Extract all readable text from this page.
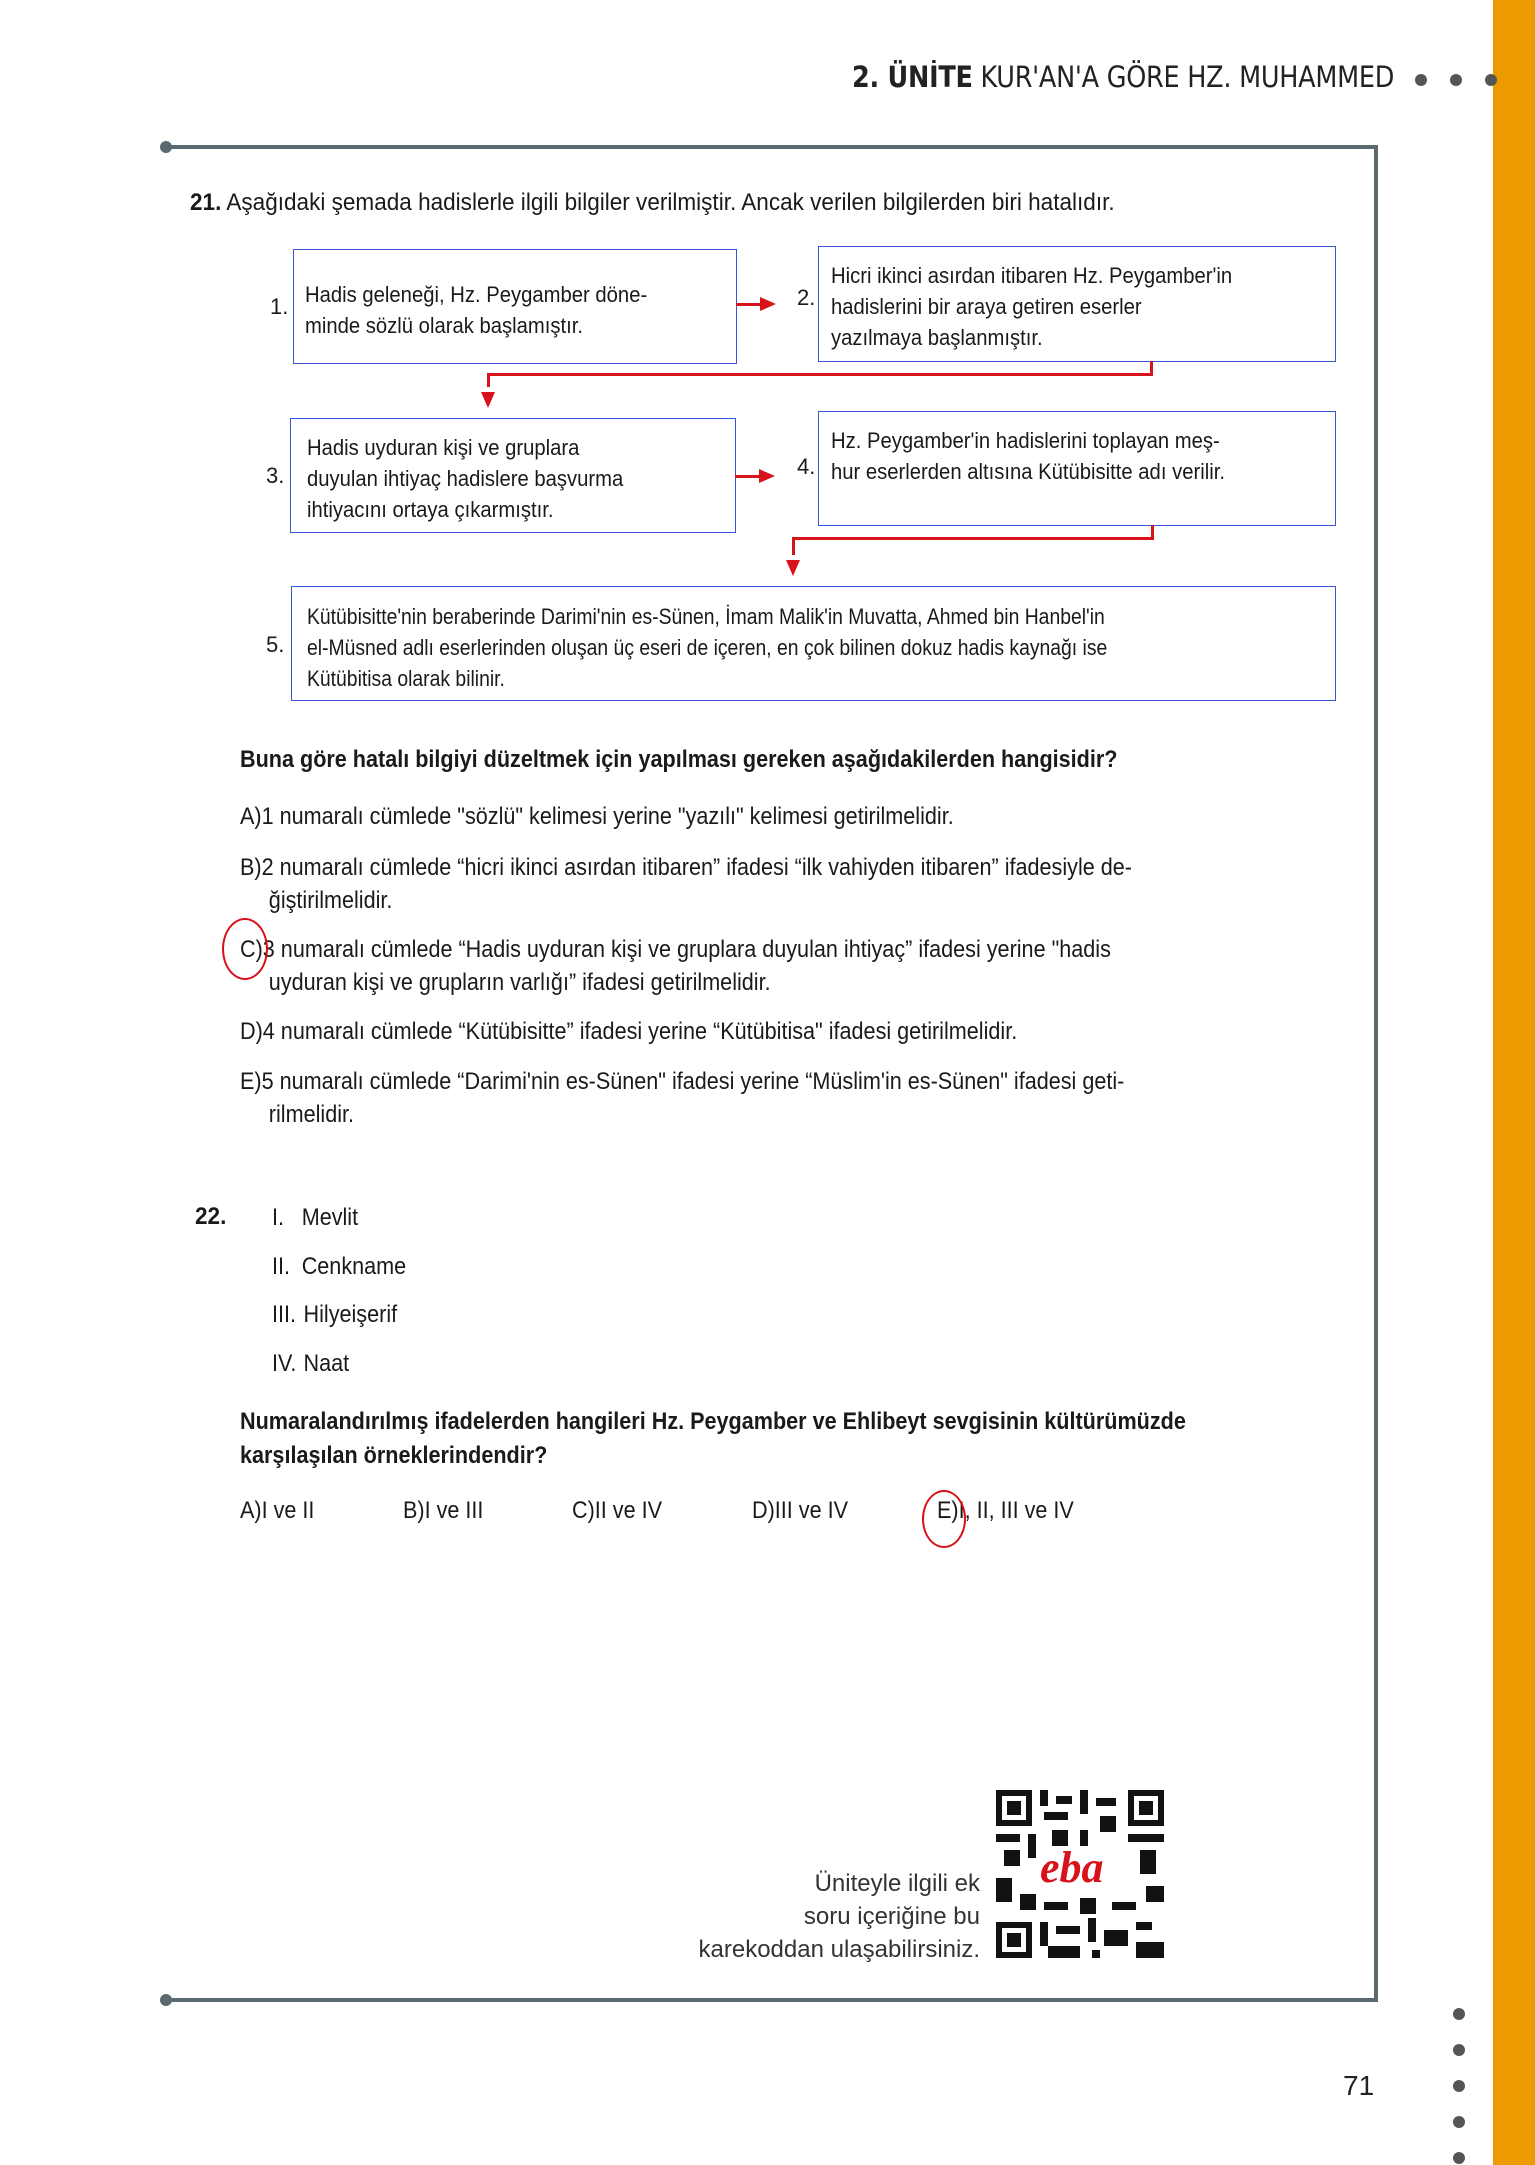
2. ÜNİTE KUR'AN'A GÖRE HZ. MUHAMMED
21. Aşağıdaki şemada hadislerle ilgili bilgiler verilmiştir. Ancak verilen bilgilerden biri hatalıdır.
1. Hadis geleneği, Hz. Peygamber döne-
minde sözlü olarak başlamıştır.
2.
Hicri ikinci asırdan itibaren Hz. Peygamber'in
hadislerini bir araya getiren eserler
yazılmaya başlanmıştır.
3.
Hadis uyduran kişi ve gruplara
duyulan ihtiyaç hadislere başvurma
ihtiyacını ortaya çıkarmıştır.
4.
Hz. Peygamber'in hadislerini toplayan meş-
hur eserlerden altısına Kütübisitte adı verilir.
5.
Kütübisitte'nin beraberinde Darimi'nin es-Sünen, İmam Malik'in Muvatta, Ahmed bin Hanbel'in
el-Müsned adlı eserlerinden oluşan üç eseri de içeren, en çok bilinen dokuz hadis kaynağı ise
Kütübitisa olarak bilinir.
Buna göre hatalı bilgiyi düzeltmek için yapılması gereken aşağıdakilerden hangisidir?
A)1 numaralı cümlede "sözlü" kelimesi yerine "yazılı" kelimesi getirilmelidir.
B)2 numaralı cümlede “hicri ikinci asırdan itibaren” ifadesi “ilk vahiyden itibaren” ifadesiyle de-
ğiştirilmelidir.
C)3 numaralı cümlede “Hadis uyduran kişi ve gruplara duyulan ihtiyaç” ifadesi yerine "hadis
uyduran kişi ve grupların varlığı” ifadesi getirilmelidir.
D)4 numaralı cümlede “Kütübisitte” ifadesi yerine “Kütübitisa" ifadesi getirilmelidir.
E)5 numaralı cümlede “Darimi'nin es-Sünen" ifadesi yerine “Müslim'in es-Sünen" ifadesi geti-
rilmelidir.
22. I. Mevlit
II. Cenkname
III. Hilyeişerif
IV. Naat
Numaralandırılmış ifadelerden hangileri Hz. Peygamber ve Ehlibeyt sevgisinin kültürümüzde
karşılaşılan örneklerindendir?
A)I ve II	B)I ve III	C)II ve IV	D)III ve IV	E)I, II, III ve IV
Üniteyle ilgili ek
soru içeriğine bu
karekoddan ulaşabilirsiniz.
eba
71
